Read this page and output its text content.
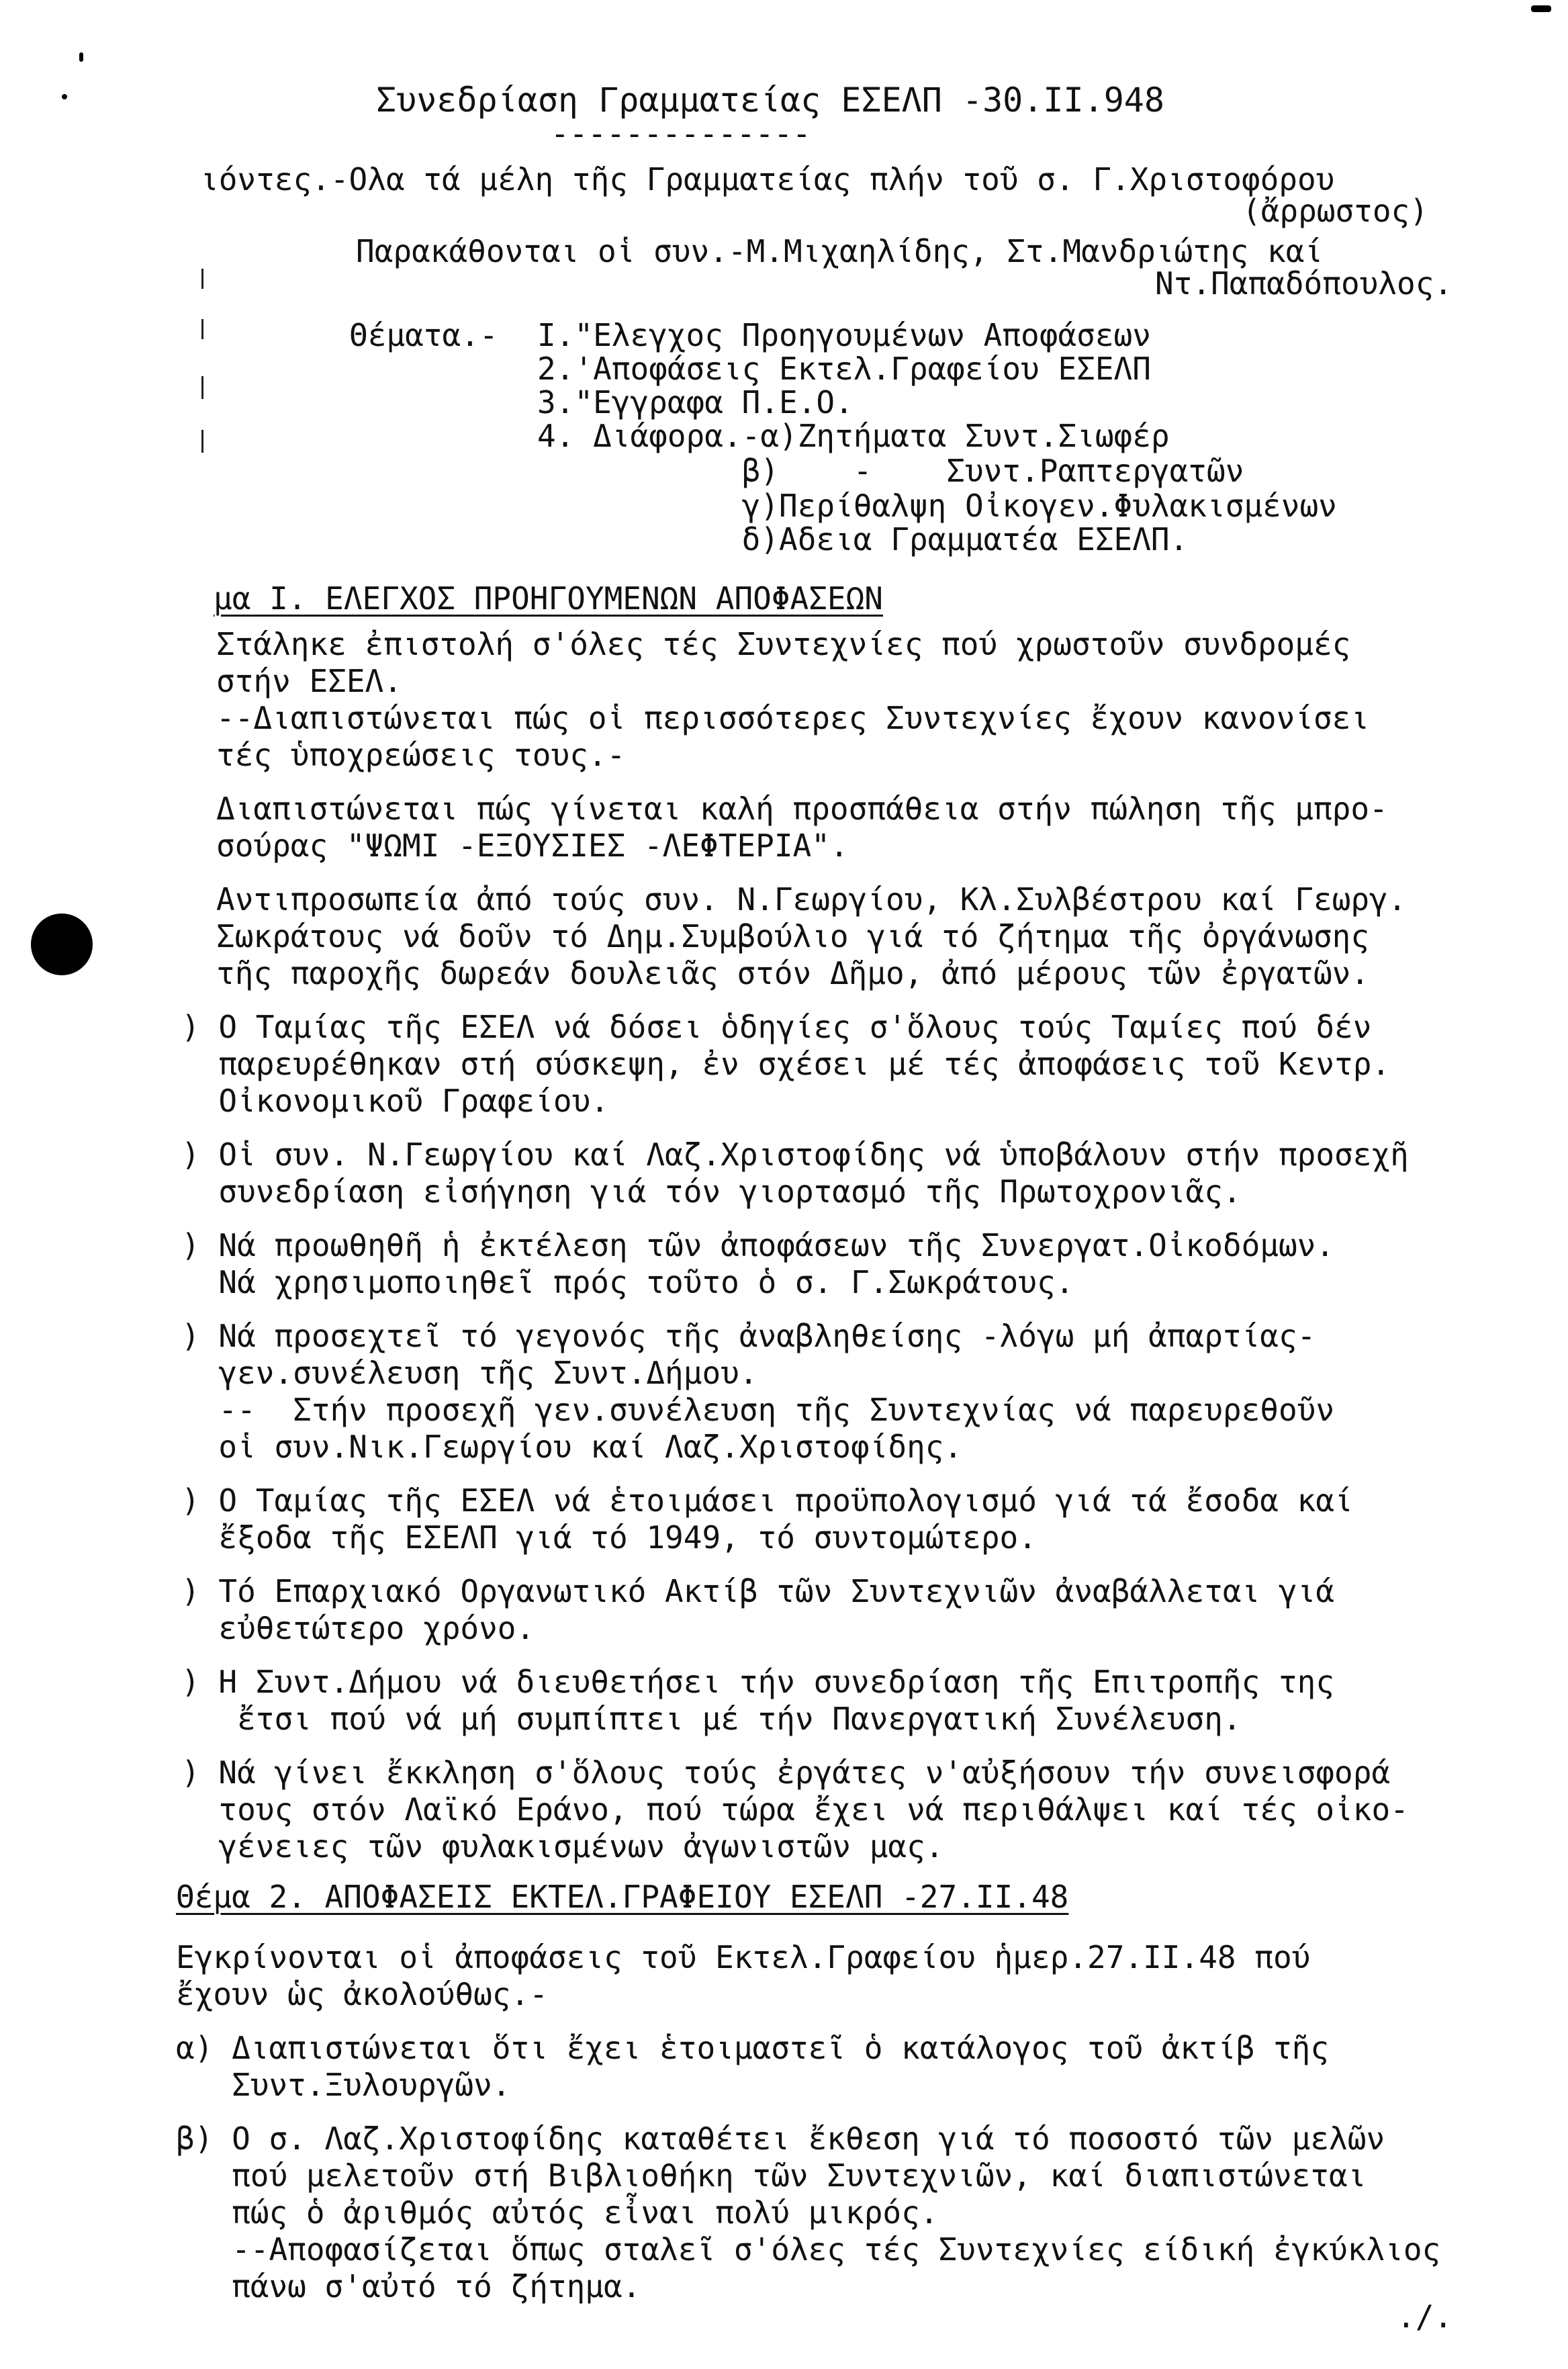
Συνεδρίαση Γραμματείας ΕΣΕΛΠ -30.ΙΙ.948
--------------
ιόντες.-Ολα τά μέλη τῆς Γραμματείας πλήν τοῦ σ. Γ.Χριστοφόρου
(ἄρρωστος)
Παρακάθονται οἱ συν.-Μ.Μιχαηλίδης, Στ.Μανδριώτης καί
Ντ.Παπαδόπουλος.
Θέματα.- Ι."Ελεγχος Προηγουμένων Αποφάσεων
2.'Αποφάσεις Εκτελ.Γραφείου ΕΣΕΛΠ
3."Εγγραφα Π.Ε.Ο.
4. Διάφορα.-α)Ζητήματα Συντ.Σιωφέρ
β)    -    Συντ.Ραπτεργατῶν
γ)Περίθαλψη Οἰκογεν.Φυλακισμένων
δ)Αδεια Γραμματέα ΕΣΕΛΠ.
μα Ι. ΕΛΕΓΧΟΣ ΠΡΟΗΓΟΥΜΕΝΩΝ ΑΠΟΦΑΣΕΩΝ
Στάληκε ἐπιστολή σ'όλες τές Συντεχνίες πού χρωστοῦν συνδρομές
στήν ΕΣΕΛ.
--Διαπιστώνεται πώς οἱ περισσότερες Συντεχνίες ἔχουν κανονίσει
τές ὑποχρεώσεις τους.-
Διαπιστώνεται πώς γίνεται καλή προσπάθεια στήν πώληση τῆς μπρο-
σούρας "ΨΩΜΙ -ΕΞΟΥΣΙΕΣ -ΛΕΦΤΕΡΙΑ".
Αντιπροσωπεία ἀπό τούς συν. Ν.Γεωργίου, Κλ.Συλβέστρου καί Γεωργ.
Σωκράτους νά δοῦν τό Δημ.Συμβούλιο γιά τό ζήτημα τῆς ὀργάνωσης
τῆς παροχῆς δωρεάν δουλειᾶς στόν Δῆμο, ἀπό μέρους τῶν ἐργατῶν.
) Ο Ταμίας τῆς ΕΣΕΛ νά δόσει ὁδηγίες σ'ὅλους τούς Ταμίες πού δέν
παρευρέθηκαν στή σύσκεψη, ἐν σχέσει μέ τές ἀποφάσεις τοῦ Κεντρ.
Οἰκονομικοῦ Γραφείου.
) Οἱ συν. Ν.Γεωργίου καί Λαζ.Χριστοφίδης νά ὑποβάλουν στήν προσεχῆ
συνεδρίαση εἰσήγηση γιά τόν γιορτασμό τῆς Πρωτοχρονιᾶς.
) Νά προωθηθῆ ἡ ἐκτέλεση τῶν ἀποφάσεων τῆς Συνεργατ.Οἰκοδόμων.
Νά χρησιμοποιηθεῖ πρός τοῦτο ὁ σ. Γ.Σωκράτους.
) Νά προσεχτεῖ τό γεγονός τῆς ἀναβληθείσης -λόγω μή ἀπαρτίας-
γεν.συνέλευση τῆς Συντ.Δήμου.
--  Στήν προσεχῆ γεν.συνέλευση τῆς Συντεχνίας νά παρευρεθοῦν
οἱ συν.Νικ.Γεωργίου καί Λαζ.Χριστοφίδης.
) Ο Ταμίας τῆς ΕΣΕΛ νά ἑτοιμάσει προϋπολογισμό γιά τά ἔσοδα καί
ἔξοδα τῆς ΕΣΕΛΠ γιά τό 1949, τό συντομώτερο.
) Τό Επαρχιακό Οργανωτικό Ακτίβ τῶν Συντεχνιῶν ἀναβάλλεται γιά
εὐθετώτερο χρόνο.
) Η Συντ.Δήμου νά διευθετήσει τήν συνεδρίαση τῆς Επιτροπῆς της
ἔτσι πού νά μή συμπίπτει μέ τήν Πανεργατική Συνέλευση.
) Νά γίνει ἔκκληση σ'ὅλους τούς ἐργάτες ν'αὐξήσουν τήν συνεισφορά
τους στόν Λαϊκό Εράνο, πού τώρα ἔχει νά περιθάλψει καί τές οἰκο-
γένειες τῶν φυλακισμένων ἀγωνιστῶν μας.
Θέμα 2. ΑΠΟΦΑΣΕΙΣ ΕΚΤΕΛ.ΓΡΑΦΕΙΟΥ ΕΣΕΛΠ -27.ΙΙ.48
Εγκρίνονται οἱ ἀποφάσεις τοῦ Εκτελ.Γραφείου ἡμερ.27.ΙΙ.48 πού
ἔχουν ὡς ἀκολούθως.-
α) Διαπιστώνεται ὅτι ἔχει ἑτοιμαστεῖ ὁ κατάλογος τοῦ ἀκτίβ τῆς
Συντ.Ξυλουργῶν.
β) Ο σ. Λαζ.Χριστοφίδης καταθέτει ἔκθεση γιά τό ποσοστό τῶν μελῶν
πού μελετοῦν στή Βιβλιοθήκη τῶν Συντεχνιῶν, καί διαπιστώνεται
πώς ὁ ἀριθμός αὐτός εἶναι πολύ μικρός.
--Αποφασίζεται ὅπως σταλεῖ σ'όλες τές Συντεχνίες είδική ἐγκύκλιος
πάνω σ'αὐτό τό ζήτημα.
./.
